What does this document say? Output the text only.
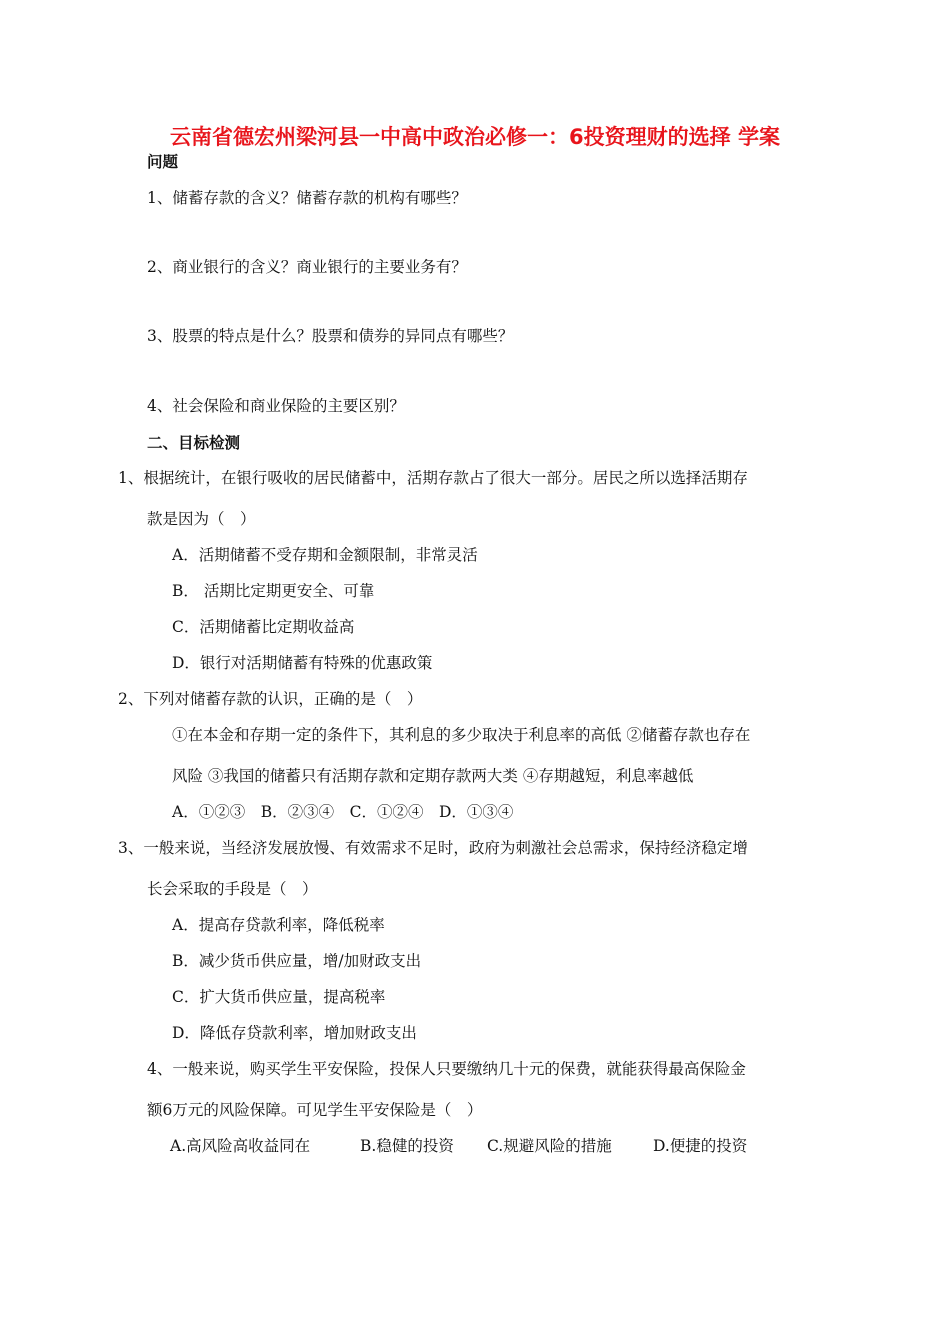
云南省德宏州梁河县一中高中政治必修一：6投资理财的选择 学案
问题
1、储蓄存款的含义？储蓄存款的机构有哪些？
2、商业银行的含义？商业银行的主要业务有？
3、股票的特点是什么？股票和债券的异同点有哪些？
4、社会保险和商业保险的主要区别？
二、目标检测
1、根据统计，在银行吸收的居民储蓄中，活期存款占了很大一部分。居民之所以选择活期存
款是因为（　）
A．活期储蓄不受存期和金额限制，非常灵活
B． 活期比定期更安全、可靠
C．活期储蓄比定期收益高
D．银行对活期储蓄有特殊的优惠政策
2、下列对储蓄存款的认识，正确的是（　）
①在本金和存期一定的条件下，其利息的多少取决于利息率的高低 ②储蓄存款也存在
风险 ③我国的储蓄只有活期存款和定期存款两大类 ④存期越短，利息率越低
A．①②③　B．②③④　C．①②④　D．①③④
3、一般来说，当经济发展放慢、有效需求不足时，政府为刺激社会总需求，保持经济稳定增
长会采取的手段是（　）
A．提高存贷款利率，降低税率
B．减少货币供应量，增/加财政支出
C．扩大货币供应量，提高税率
D．降低存贷款利率，增加财政支出
4、一般来说，购买学生平安保险，投保人只要缴纳几十元的保费，就能获得最高保险金
额6万元的风险保障。可见学生平安保险是（　）
A.高风险高收益同在	B.稳健的投资 C.规避风险的措施	D.便捷的投资
